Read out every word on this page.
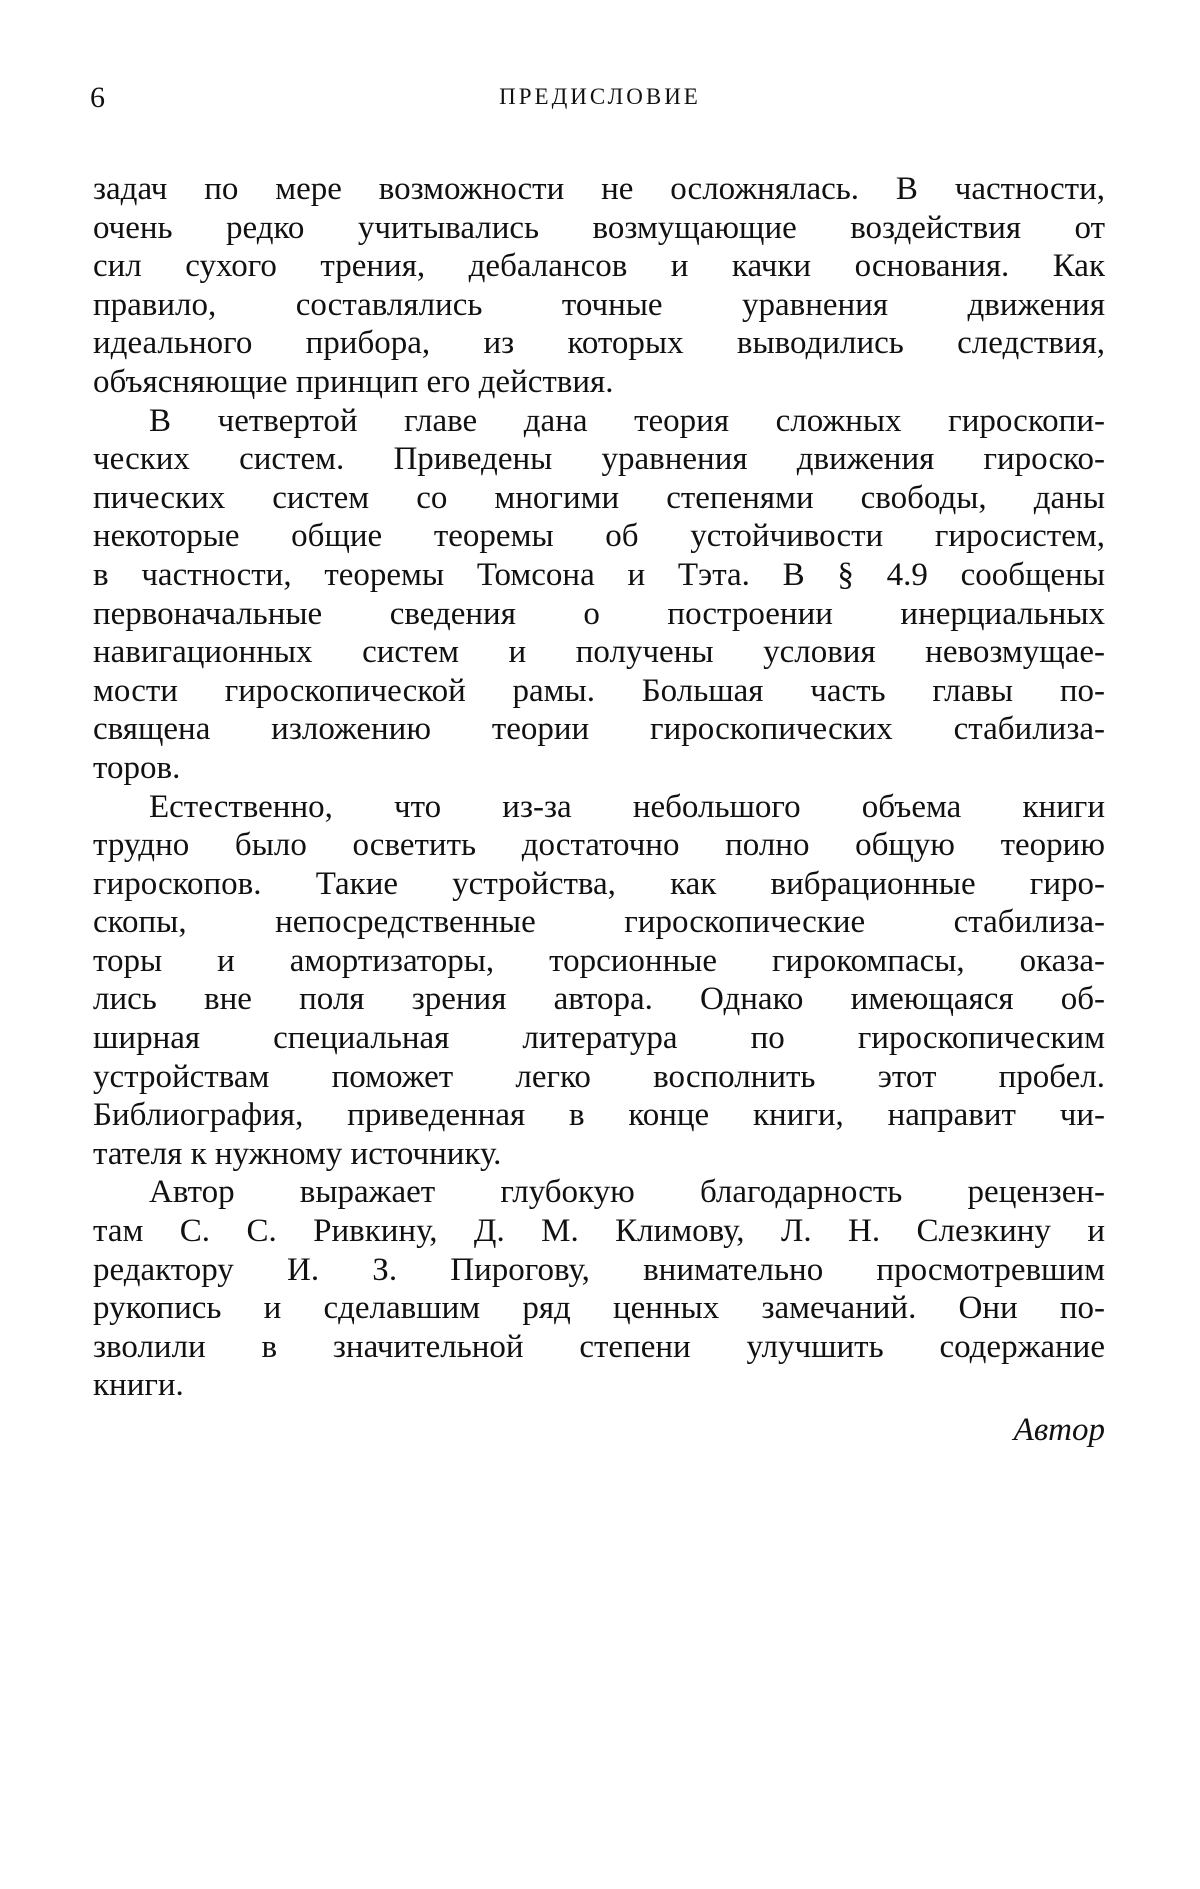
6	ПРЕДИСЛОВИЕ
задач по мере возможности не осложнялась. В частности,
очень редко учитывались возмущающие воздействия от
сил сухого трения, дебалансов и качки основания. Как
правило, составлялись точные уравнения движения
идеального прибора, из которых выводились следствия,
объясняющие принцип его действия.
В четвертой главе дана теория сложных гироскопи-
ческих систем. Приведены уравнения движения гироско-
пических систем со многими степенями свободы, даны
некоторые общие теоремы об устойчивости гиросистем,
в частности, теоремы Томсона и Тэта. В § 4.9 сообщены
первоначальные сведения о построении инерциальных
навигационных систем и получены условия невозмущае-
мости гироскопической рамы. Большая часть главы по-
священа изложению теории гироскопических стабилиза-
торов.
Естественно, что из-за небольшого объема книги
трудно было осветить достаточно полно общую теорию
гироскопов. Такие устройства, как вибрационные гиро-
скопы, непосредственные гироскопические стабилиза-
торы и амортизаторы, торсионные гирокомпасы, оказа-
лись вне поля зрения автора. Однако имеющаяся об-
ширная специальная литература по гироскопическим
устройствам поможет легко восполнить этот пробел.
Библиография, приведенная в конце книги, направит чи-
тателя к нужному источнику.
Автор выражает глубокую благодарность рецензен-
там С. С. Ривкину, Д. М. Климову, Л. Н. Слезкину и
редактору И. З. Пирогову, внимательно просмотревшим
рукопись и сделавшим ряд ценных замечаний. Они по-
зволили в значительной степени улучшить содержание
книги.
Автор
